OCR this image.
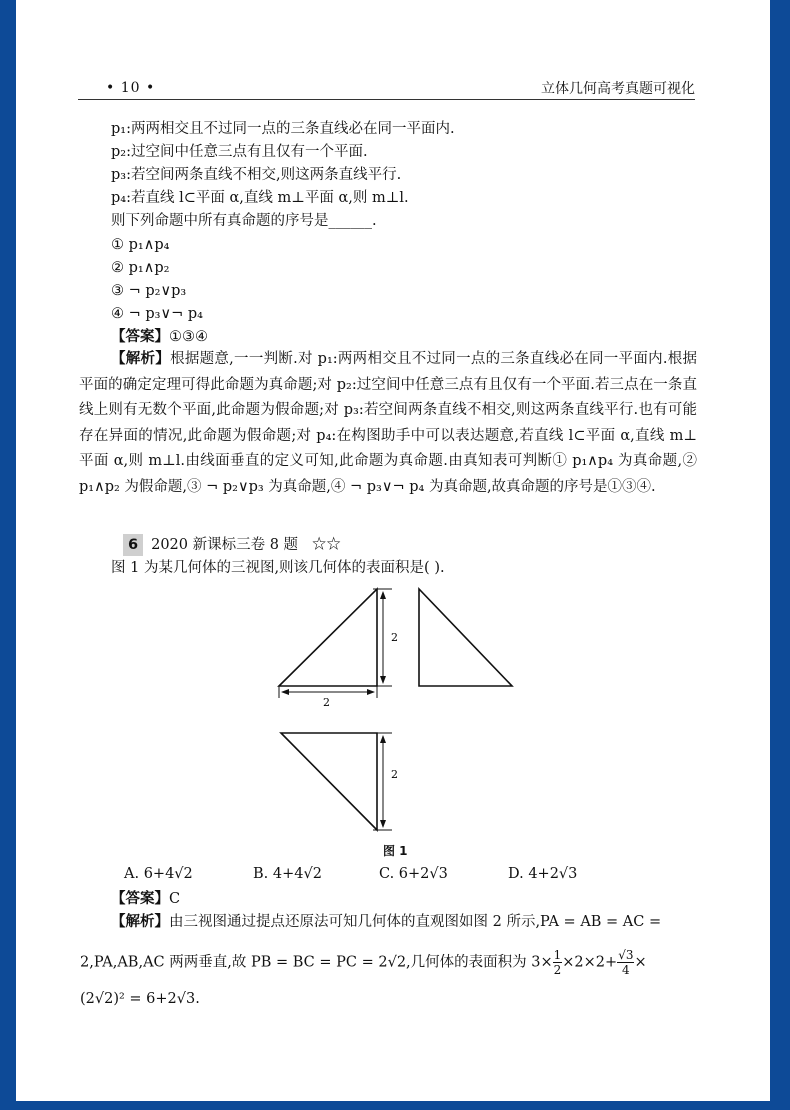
• 10 •	立体几何高考真题可视化
p₁:两两相交且不过同一点的三条直线必在同一平面内.
p₂:过空间中任意三点有且仅有一个平面.
p₃:若空间两条直线不相交,则这两条直线平行.
p₄:若直线 l⊂平面 α,直线 m⊥平面 α,则 m⊥l.
则下列命题中所有真命题的序号是______.
① p₁∧p₄
② p₁∧p₂
③ ¬ p₂∨p₃
④ ¬ p₃∨¬ p₄
【答案】①③④
【解析】根据题意,一一判断.对 p₁:两两相交且不过同一点的三条直线必在同一平面内.根据平面的确定定理可得此命题为真命题;对 p₂:过空间中任意三点有且仅有一个平面.若三点在一条直线上则有无数个平面,此命题为假命题;对 p₃:若空间两条直线不相交,则这两条直线平行.也有可能存在异面的情况,此命题为假命题;对 p₄:在构图助手中可以表达题意,若直线 l⊂平面 α,直线 m⊥平面 α,则 m⊥l.由线面垂直的定义可知,此命题为真命题.由真知表可判断① p₁∧p₄ 为真命题,② p₁∧p₂ 为假命题,③ ¬ p₂∨p₃ 为真命题,④ ¬ p₃∨¬ p₄ 为真命题,故真命题的序号是①③④.
6 2020 新课标三卷 8 题 ☆☆
图 1 为某几何体的三视图,则该几何体的表面积是( ).
2
2
2
图 1
A. 6+4√2	B. 4+4√2	C. 6+2√3	D. 4+2√3
【答案】C
【解析】由三视图通过提点还原法可知几何体的直观图如图 2 所示,PA = AB = AC =
2,PA,AB,AC 两两垂直,故 PB = BC = PC = 2√2,几何体的表面积为 $3\times \frac{1}{2} \times 2\times 2+ \frac{√3}{4}$ ×
(2√2)² = 6+2√3.
